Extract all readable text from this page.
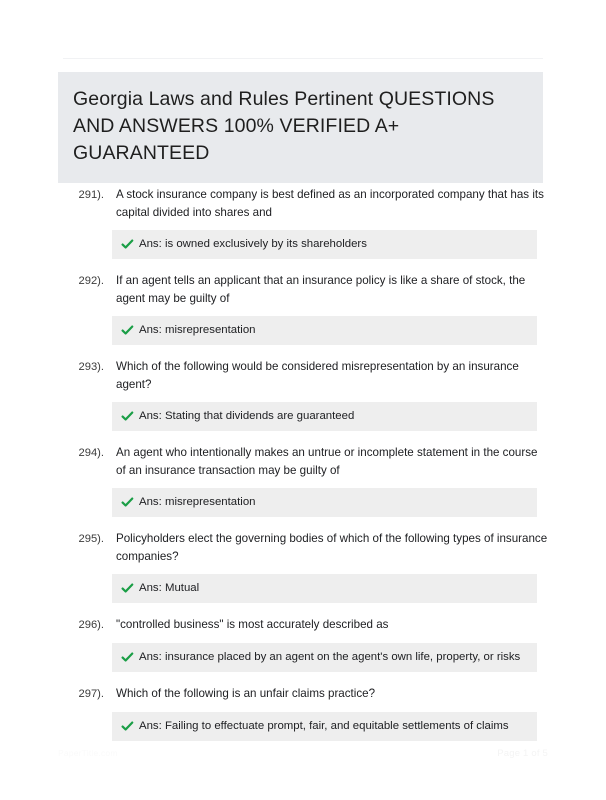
Georgia Laws and Rules Pertinent QUESTIONS AND ANSWERS 100% VERIFIED A+ GUARANTEED
291). A stock insurance company is best defined as an incorporated company that has its capital divided into shares and
Ans: is owned exclusively by its shareholders
292). If an agent tells an applicant that an insurance policy is like a share of stock, the agent may be guilty of
Ans: misrepresentation
293). Which of the following would be considered misrepresentation by an insurance agent?
Ans: Stating that dividends are guaranteed
294). An agent who intentionally makes an untrue or incomplete statement in the course of an insurance transaction may be guilty of
Ans: misrepresentation
295). Policyholders elect the governing bodies of which of the following types of insurance companies?
Ans: Mutual
296). "controlled business" is most accurately described as
Ans: insurance placed by an agent on the agent's own life, property, or risks
297). Which of the following is an unfair claims practice?
Ans: Failing to effectuate prompt, fair, and equitable settlements of claims
PaperTitle.com	Page 1 of 5
